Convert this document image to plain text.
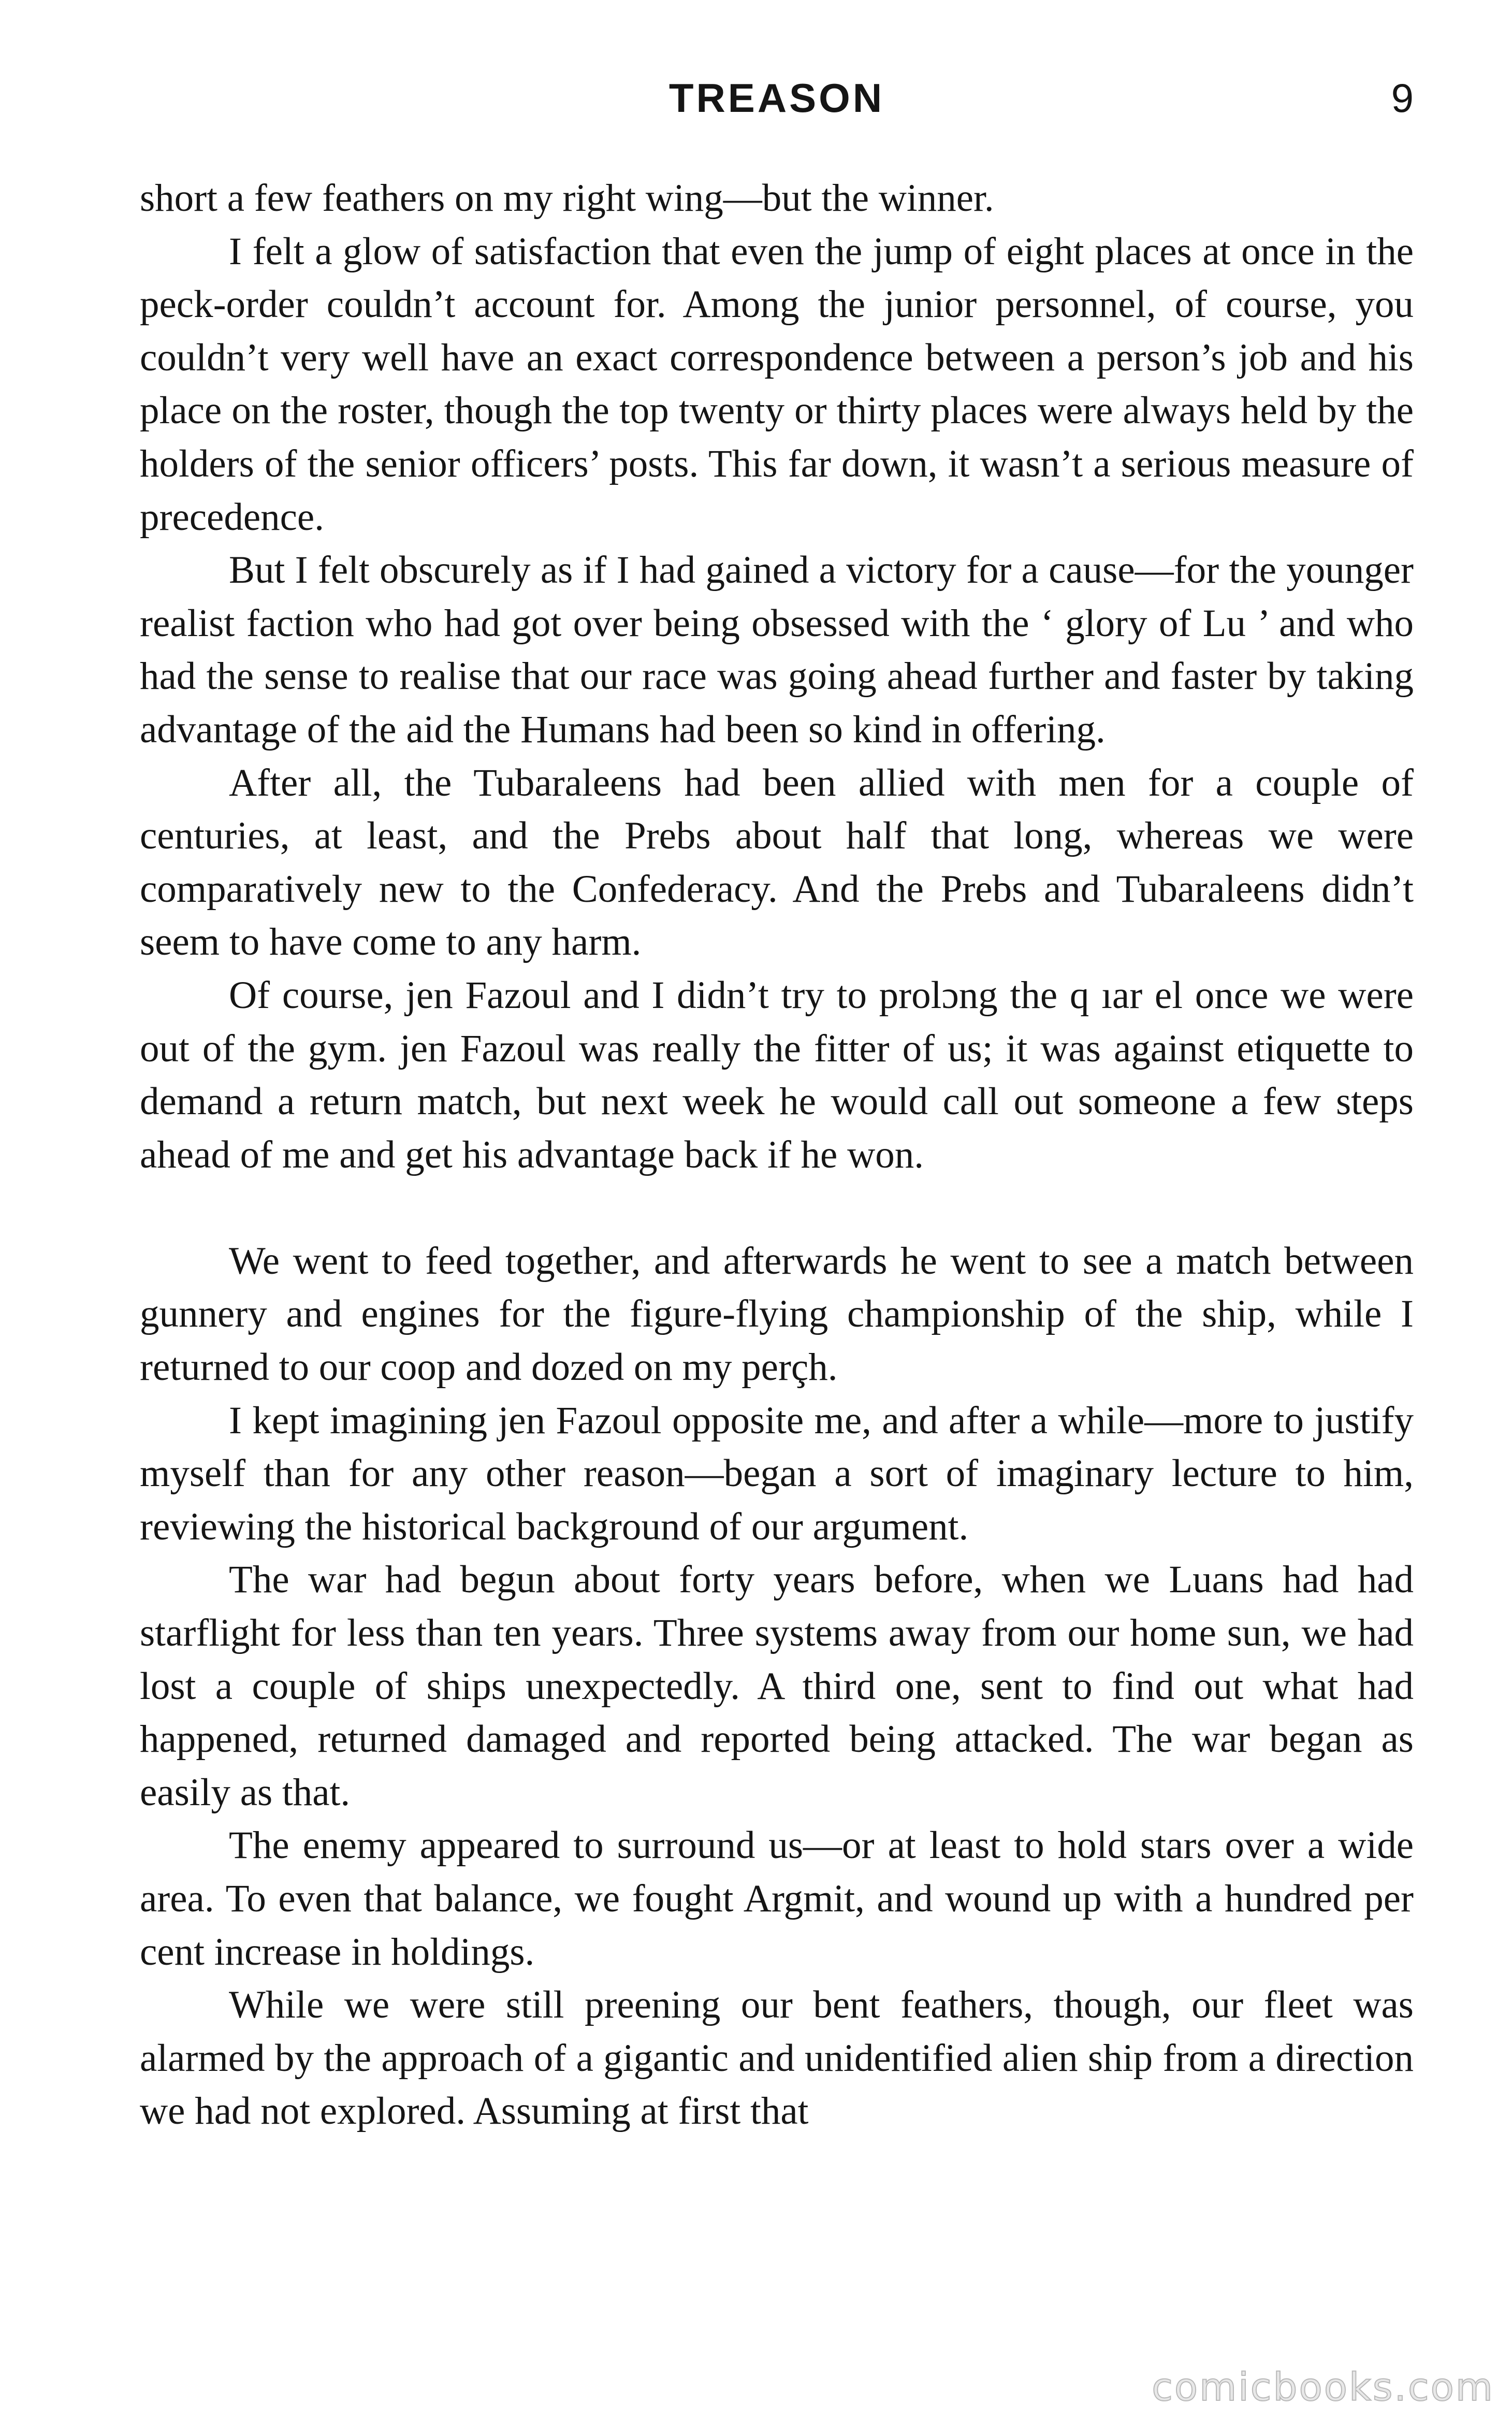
TREASON	9

short a few feathers on my right wing—but the winner.

I felt a glow of satisfaction that even the jump of eight places at once in the peck-order couldn’t account for. Among the junior personnel, of course, you couldn’t very well have an exact correspondence between a person’s job and his place on the roster, though the top twenty or thirty places were always held by the holders of the senior officers’ posts. This far down, it wasn’t a serious measure of precedence.

But I felt obscurely as if I had gained a victory for a cause—for the younger realist faction who had got over being obsessed with the ‘ glory of Lu ’ and who had the sense to realise that our race was going ahead further and faster by taking advantage of the aid the Humans had been so kind in offering.

After all, the Tubaraleens had been allied with men for a couple of centuries, at least, and the Prebs about half that long, whereas we were comparatively new to the Confederacy. And the Prebs and Tubaraleens didn’t seem to have come to any harm.

Of course, jen Fazoul and I didn’t try to prolɔng the q ıar el once we were out of the gym. jen Fazoul was really the fitter of us; it was against etiquette to demand a return match, but next week he would call out someone a few steps ahead of me and get his advantage back if he won.

We went to feed together, and afterwards he went to see a match between gunnery and engines for the figure-flying championship of the ship, while I returned to our coop and dozed on my perçh.

I kept imagining jen Fazoul opposite me, and after a while—more to justify myself than for any other reason—began a sort of imaginary lecture to him, reviewing the historical background of our argument.

The war had begun about forty years before, when we Luans had had starflight for less than ten years. Three systems away from our home sun, we had lost a couple of ships unexpectedly. A third one, sent to find out what had happened, returned damaged and reported being attacked. The war began as easily as that.

The enemy appeared to surround us—or at least to hold stars over a wide area. To even that balance, we fought Argmit, and wound up with a hundred per cent increase in holdings.

While we were still preening our bent feathers, though, our fleet was alarmed by the approach of a gigantic and unidentified alien ship from a direction we had not explored. Assuming at first that

comicbooks.com
